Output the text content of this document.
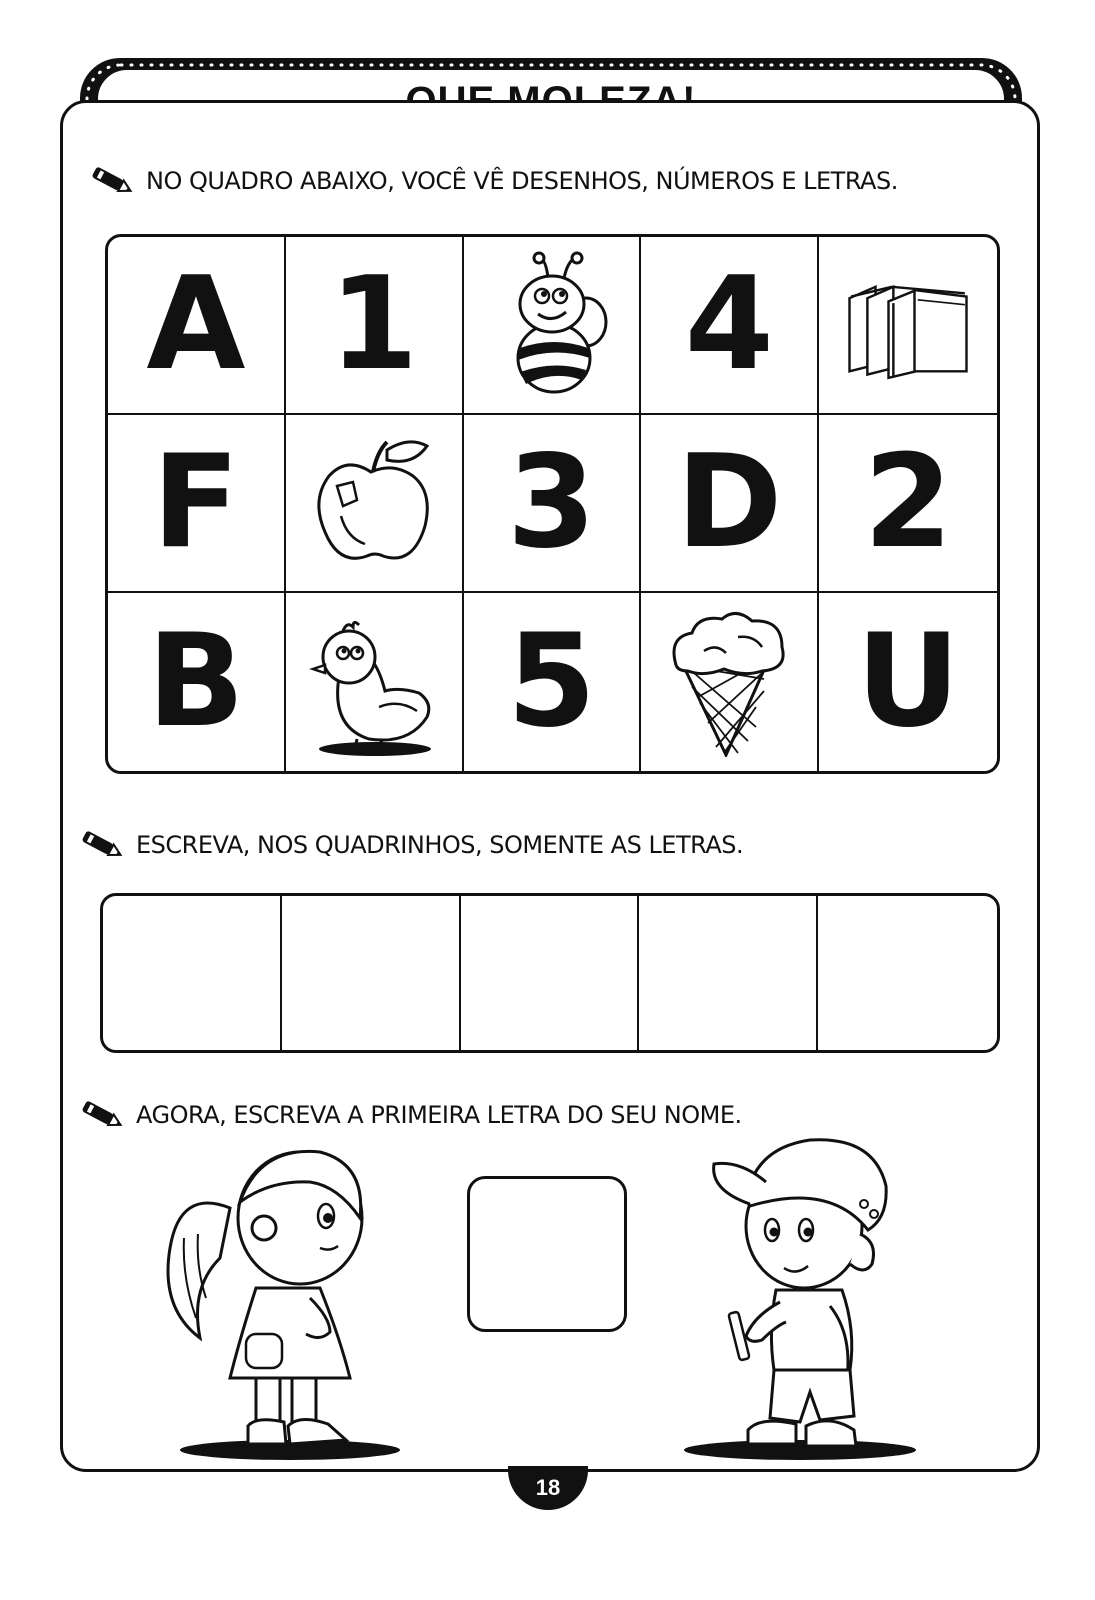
NO QUADRO ABAIXO, VOCÊ VÊ DESENHOS, NÚMEROS E LETRAS.
A 1 4
F 3 D 2
B 5 U
ESCREVA, NOS QUADRINHOS, SOMENTE AS LETRAS.
AGORA, ESCREVA A PRIMEIRA LETRA DO SEU NOME.
18
